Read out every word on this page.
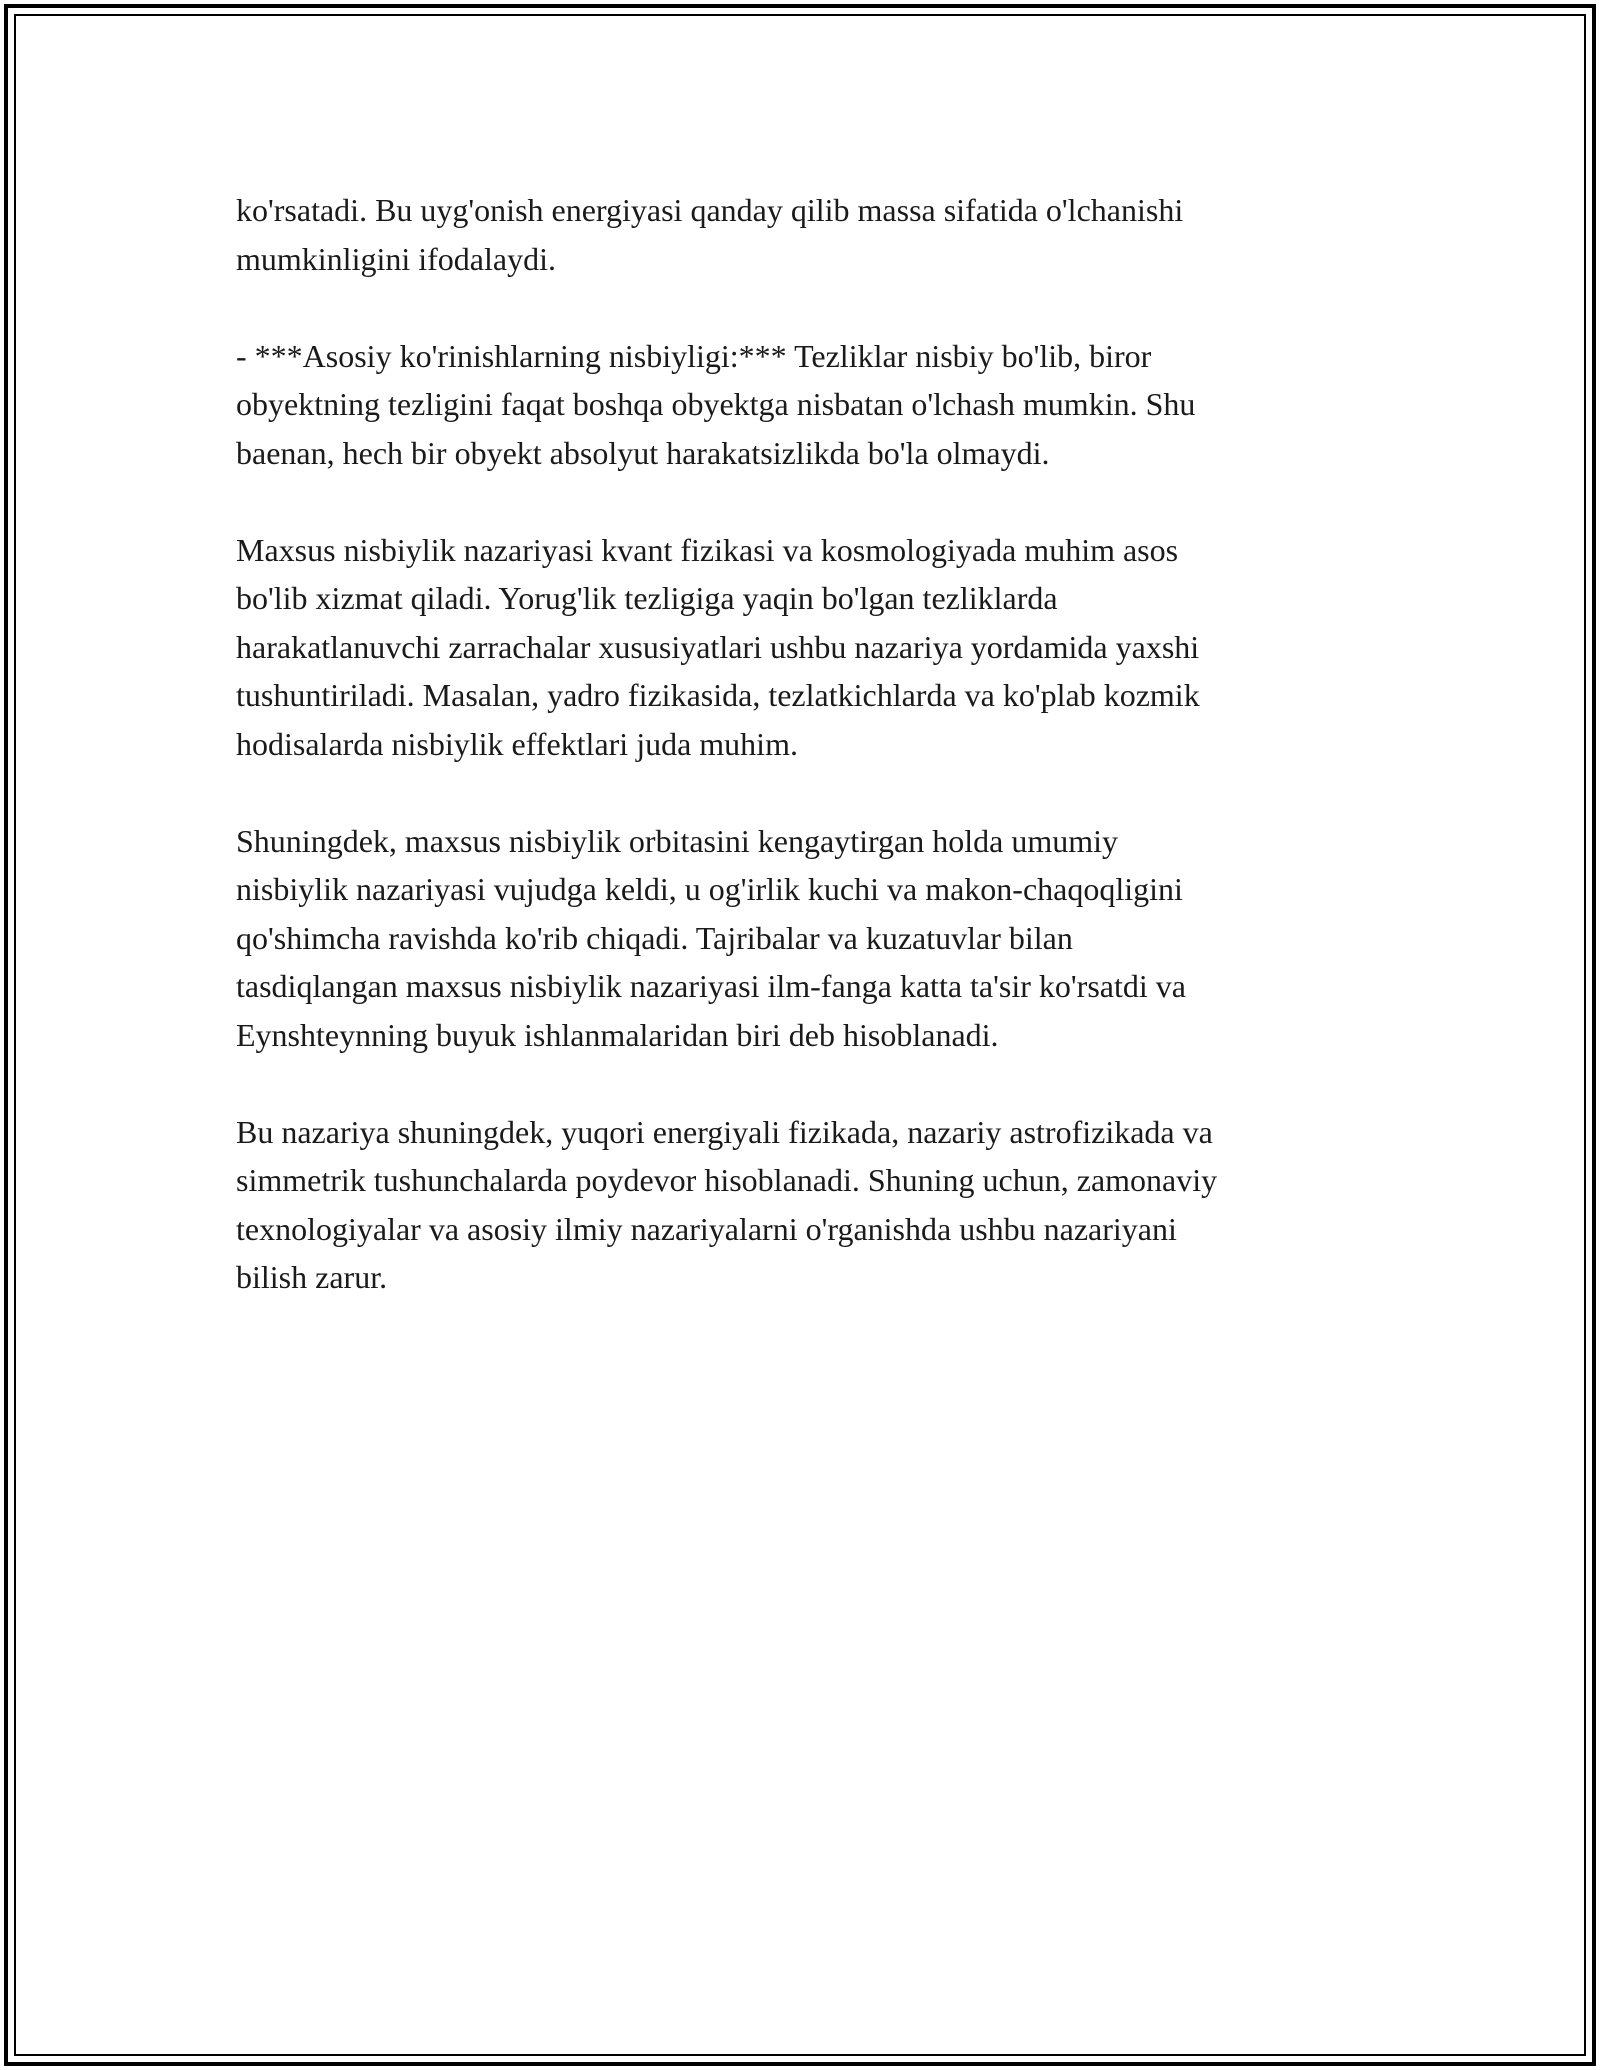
ko'rsatadi. Bu uyg'onish energiyasi qanday qilib massa sifatida o'lchanishi
mumkinligini ifodalaydi.

- ***Asosiy ko'rinishlarning nisbiyligi:*** Tezliklar nisbiy bo'lib, biror
obyektning tezligini faqat boshqa obyektga nisbatan o'lchash mumkin. Shu
baenan, hech bir obyekt absolyut harakatsizlikda bo'la olmaydi.

Maxsus nisbiylik nazariyasi kvant fizikasi va kosmologiyada muhim asos
bo'lib xizmat qiladi. Yorug'lik tezligiga yaqin bo'lgan tezliklarda
harakatlanuvchi zarrachalar xususiyatlari ushbu nazariya yordamida yaxshi
tushuntiriladi. Masalan, yadro fizikasida, tezlatkichlarda va ko'plab kozmik
hodisalarda nisbiylik effektlari juda muhim.

Shuningdek, maxsus nisbiylik orbitasini kengaytirgan holda umumiy
nisbiylik nazariyasi vujudga keldi, u og'irlik kuchi va makon-chaqoqligini
qo'shimcha ravishda ko'rib chiqadi. Tajribalar va kuzatuvlar bilan
tasdiqlangan maxsus nisbiylik nazariyasi ilm-fanga katta ta'sir ko'rsatdi va
Eynshteynning buyuk ishlanmalaridan biri deb hisoblanadi.

Bu nazariya shuningdek, yuqori energiyali fizikada, nazariy astrofizikada va
simmetrik tushunchalarda poydevor hisoblanadi. Shuning uchun, zamonaviy
texnologiyalar va asosiy ilmiy nazariyalarni o'rganishda ushbu nazariyani
bilish zarur.
